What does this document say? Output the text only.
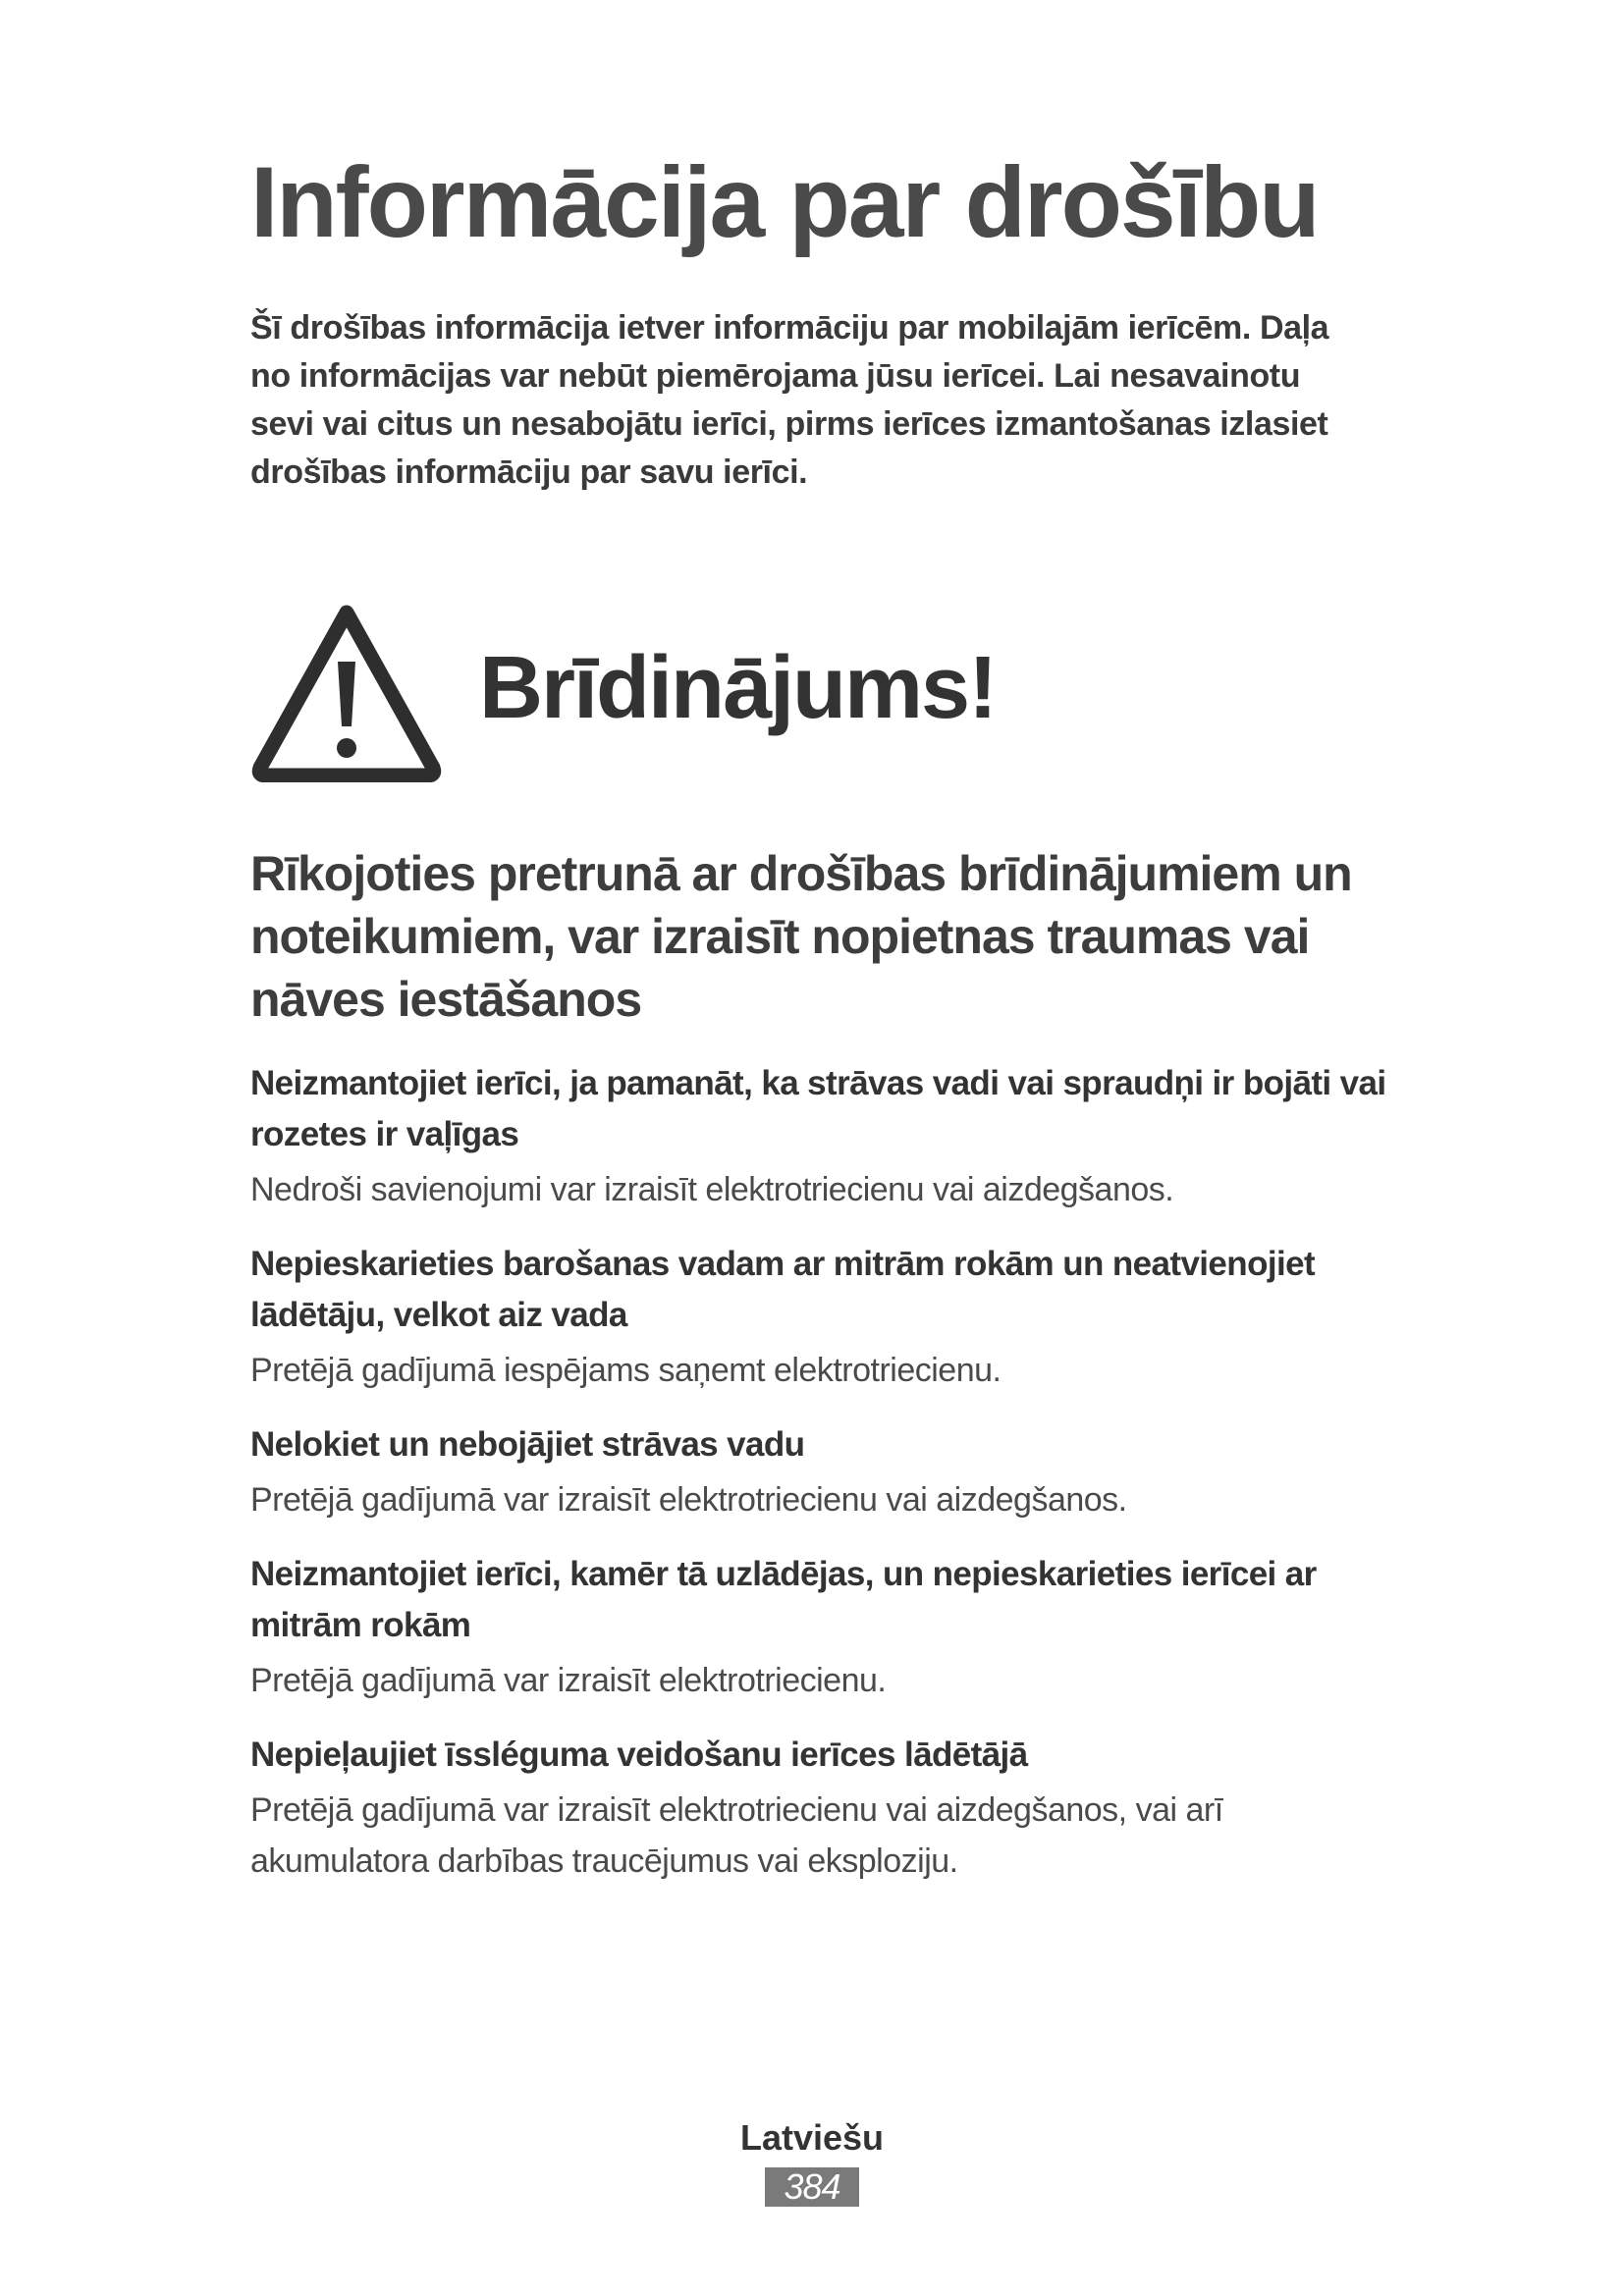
Informācija par drošību

Šī drošības informācija ietver informāciju par mobilajām ierīcēm. Daļa no informācijas var nebūt piemērojama jūsu ierīcei. Lai nesavainotu sevi vai citus un nesabojātu ierīci, pirms ierīces izmantošanas izlasiet drošības informāciju par savu ierīci.

Brīdinājums!
Rīkojoties pretrunā ar drošības brīdinājumiem un noteikumiem, var izraisīt nopietnas traumas vai nāves iestāšanos

Neizmantojiet ierīci, ja pamanāt, ka strāvas vadi vai spraudņi ir bojāti vai rozetes ir vaļīgas

Nedroši savienojumi var izraisīt elektrotriecienu vai aizdegšanos.

Nepieskarieties barošanas vadam ar mitrām rokām un neatvienojiet lādētāju, velkot aiz vada

Pretējā gadījumā iespējams saņemt elektrotriecienu.

Nelokiet un nebojājiet strāvas vadu

Pretējā gadījumā var izraisīt elektrotriecienu vai aizdegšanos.

Neizmantojiet ierīci, kamēr tā uzlādējas, un nepieskarieties ierīcei ar mitrām rokām

Pretējā gadījumā var izraisīt elektrotriecienu.

Nepieļaujiet īssléguma veidošanu ierīces lādētājā

Pretējā gadījumā var izraisīt elektrotriecienu vai aizdegšanos, vai arī akumulatora darbības traucējumus vai eksploziju.

Latviešu
384
